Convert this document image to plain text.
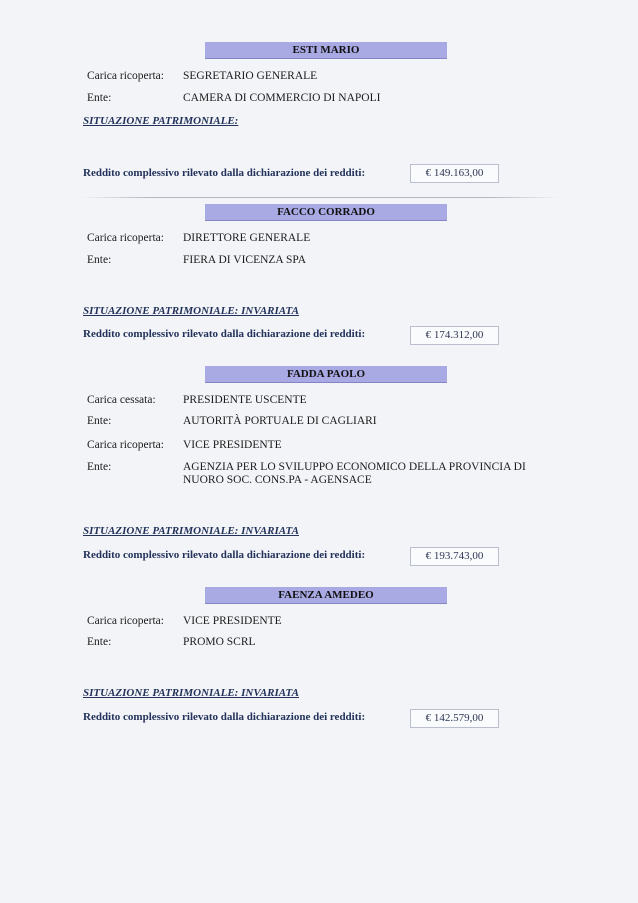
ESTI MARIO
Carica ricoperta:	SEGRETARIO GENERALE
Ente:	CAMERA DI COMMERCIO DI NAPOLI
SITUAZIONE PATRIMONIALE:
Reddito complessivo rilevato dalla dichiarazione dei redditi:	€ 149.163,00
FACCO CORRADO
Carica ricoperta:	DIRETTORE GENERALE
Ente:	FIERA DI VICENZA SPA
SITUAZIONE PATRIMONIALE: INVARIATA
Reddito complessivo rilevato dalla dichiarazione dei redditi:	€ 174.312,00
FADDA PAOLO
Carica cessata:	PRESIDENTE USCENTE
Ente:	AUTORITÀ PORTUALE DI CAGLIARI
Carica ricoperta:	VICE PRESIDENTE
Ente:	AGENZIA PER LO SVILUPPO ECONOMICO DELLA PROVINCIA DI NUORO SOC. CONS.PA - AGENSACE
SITUAZIONE PATRIMONIALE: INVARIATA
Reddito complessivo rilevato dalla dichiarazione dei redditi:	€ 193.743,00
FAENZA AMEDEO
Carica ricoperta:	VICE PRESIDENTE
Ente:	PROMO SCRL
SITUAZIONE PATRIMONIALE: INVARIATA
Reddito complessivo rilevato dalla dichiarazione dei redditi:	€ 142.579,00
